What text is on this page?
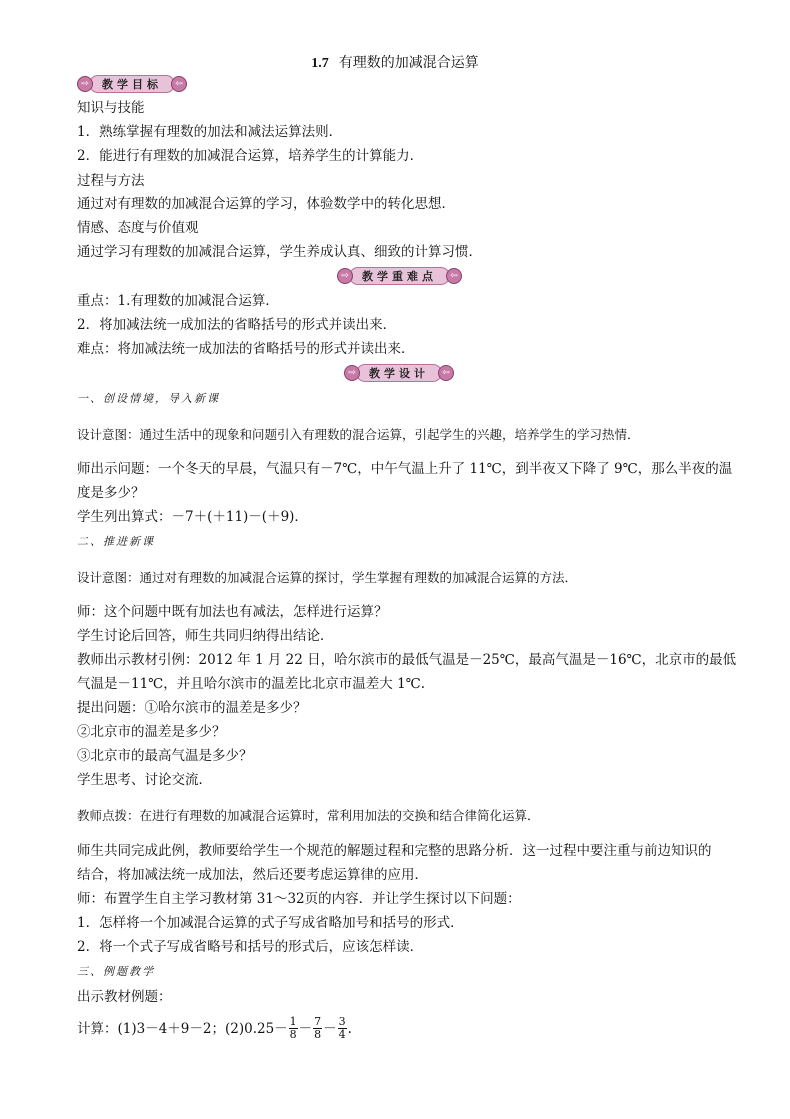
1.7 有理数的加减混合运算
⇨	教学目标	⇦
知识与技能
1．熟练掌握有理数的加法和减法运算法则．
2．能进行有理数的加减混合运算，培养学生的计算能力．
过程与方法
通过对有理数的加减混合运算的学习，体验数学中的转化思想．
情感、态度与价值观
通过学习有理数的加减混合运算，学生养成认真、细致的计算习惯．
⇨	教学重难点	⇦
重点：1.有理数的加减混合运算．
2．将加减法统一成加法的省略括号的形式并读出来．
难点：将加减法统一成加法的省略括号的形式并读出来．
⇨	教学设计	⇦
一、创设情境，导入新课
设计意图：通过生活中的现象和问题引入有理数的混合运算，引起学生的兴趣，培养学生的学习热情．
师出示问题：一个冬天的早晨，气温只有－7℃，中午气温上升了 11℃，到半夜又下降了 9℃，那么半夜的温
度是多少？
学生列出算式：－7＋(＋11)－(＋9)．
二、推进新课
设计意图：通过对有理数的加减混合运算的探讨，学生掌握有理数的加减混合运算的方法．
师：这个问题中既有加法也有减法，怎样进行运算？
学生讨论后回答，师生共同归纳得出结论．
教师出示教材引例：2012 年 1 月 22 日，哈尔滨市的最低气温是－25℃，最高气温是－16℃，北京市的最低
气温是－11℃，并且哈尔滨市的温差比北京市温差大 1℃.
提出问题：①哈尔滨市的温差是多少？
②北京市的温差是多少？
③北京市的最高气温是多少？
学生思考、讨论交流．
教师点拨：在进行有理数的加减混合运算时，常利用加法的交换和结合律简化运算．
师生共同完成此例，教师要给学生一个规范的解题过程和完整的思路分析．这一过程中要注重与前边知识的
结合，将加减法统一成加法，然后还要考虑运算律的应用．
师：布置学生自主学习教材第 31～32页的内容．并让学生探讨以下问题：
1．怎样将一个加减混合运算的式子写成省略加号和括号的形式．
2．将一个式子写成省略号和括号的形式后，应该怎样读．
三、例题教学
出示教材例题：
计算：(1)3－4＋9－2；$(2)0.25- \frac{1}{8} - \frac{7}{8} - \frac{3}{4}$ .
